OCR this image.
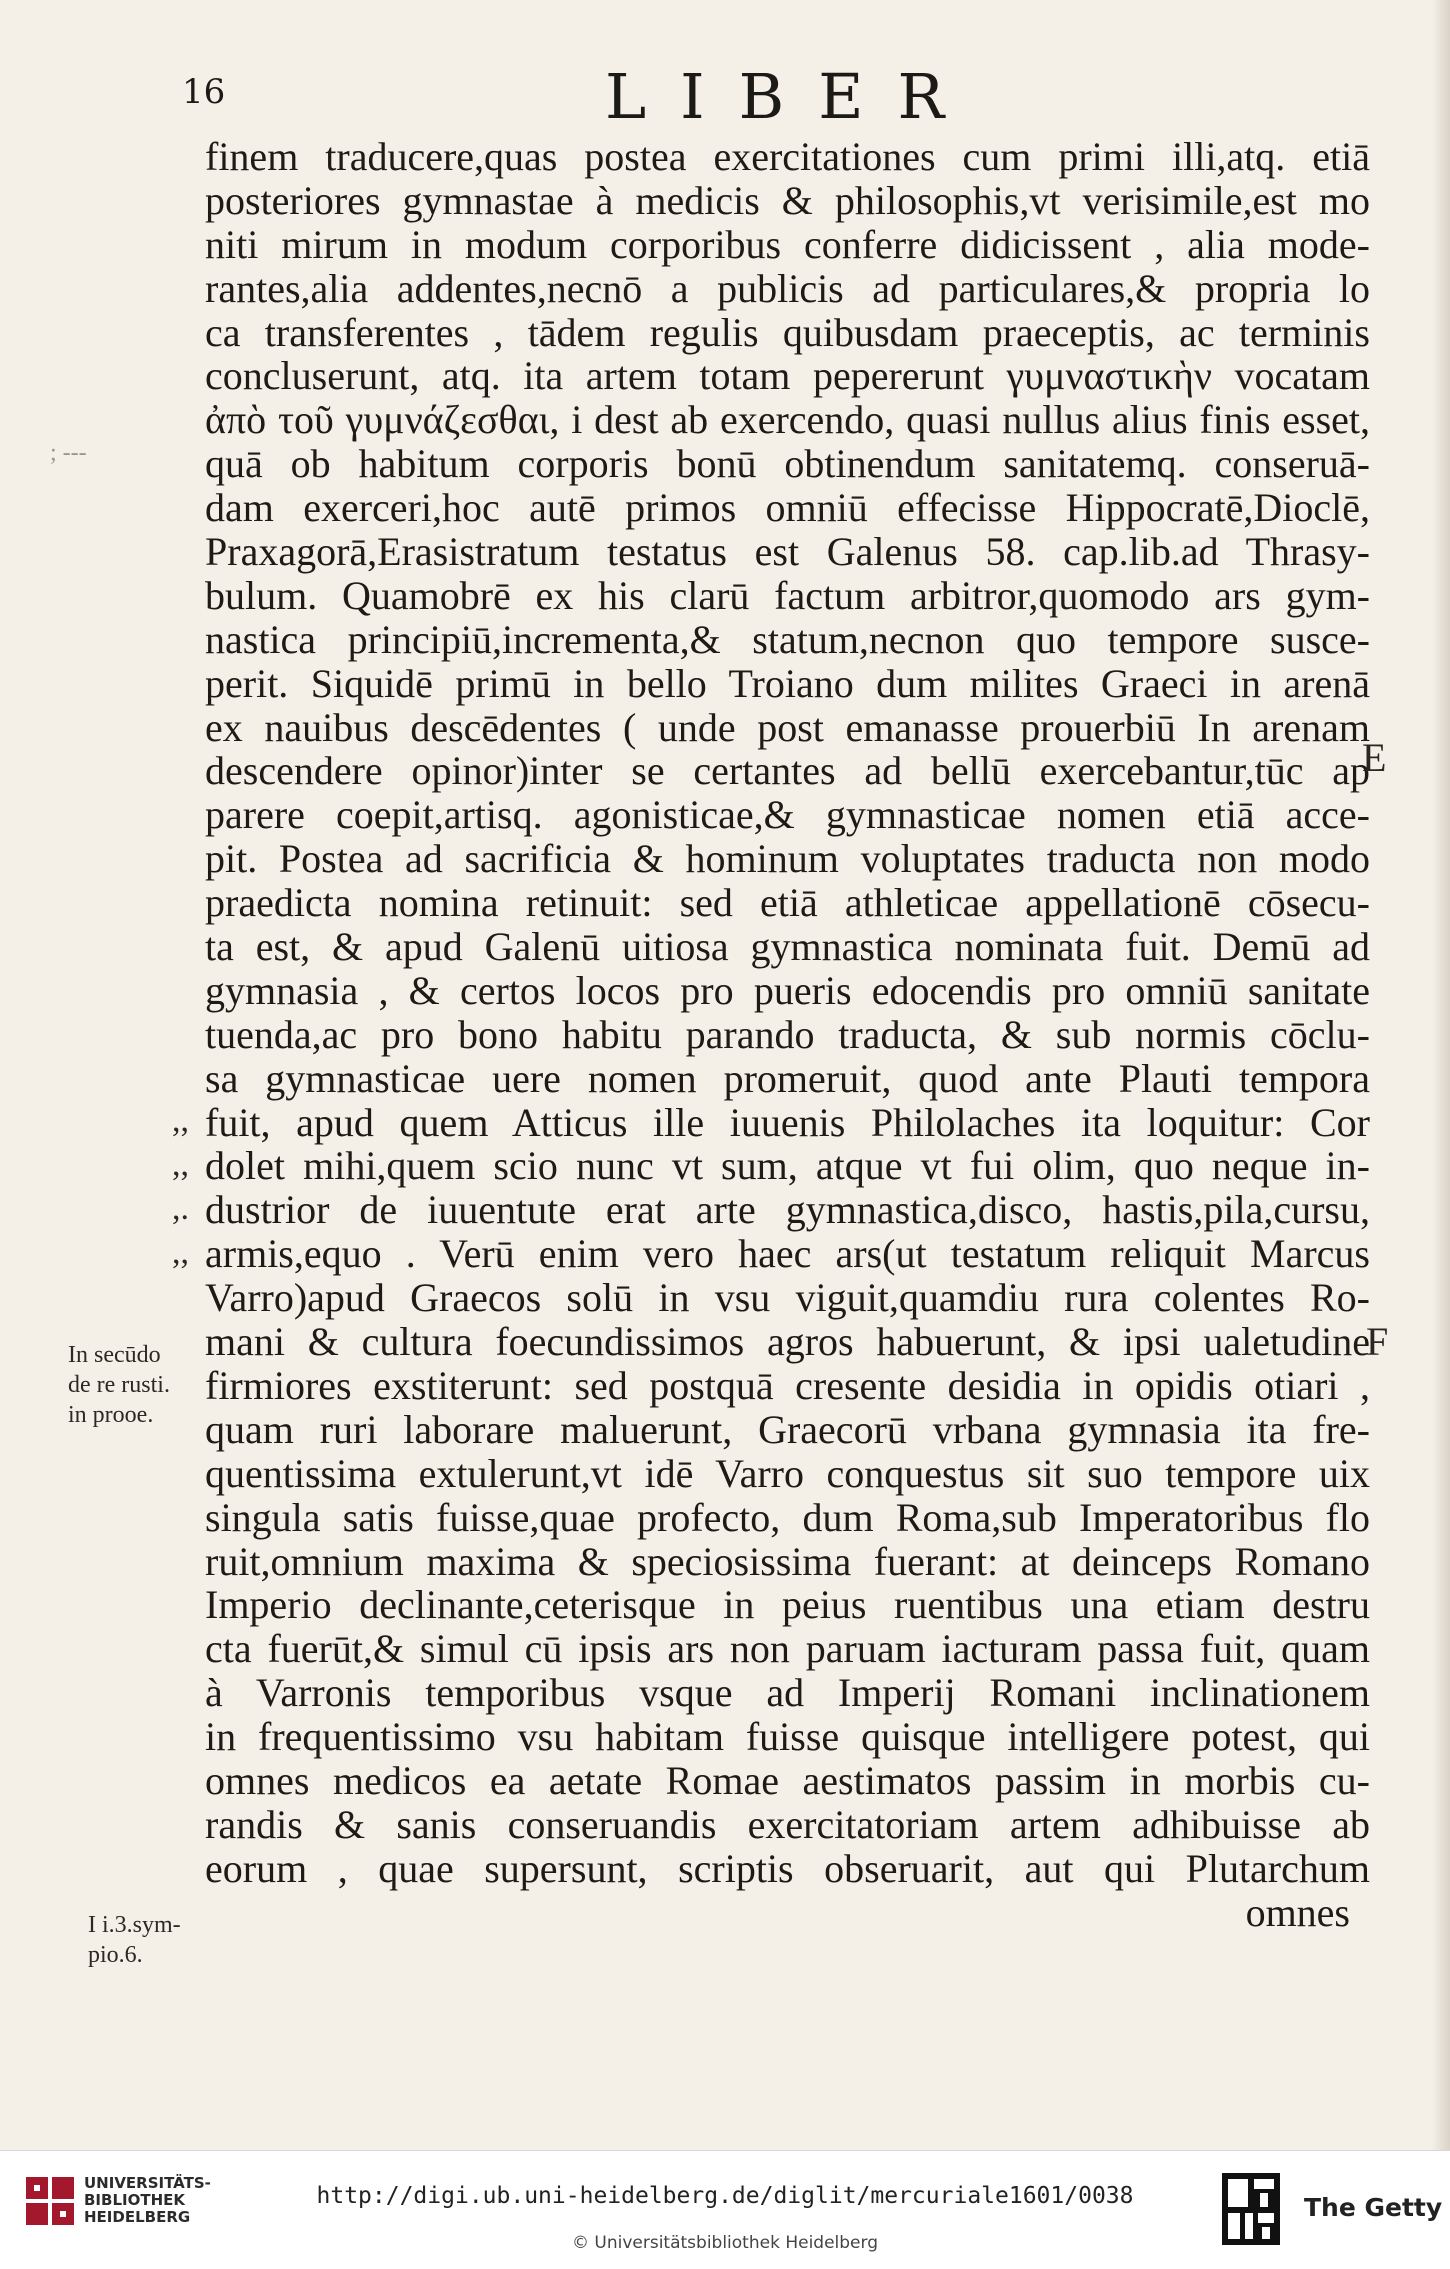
16	LIBER
; ---
finem traducere,quas postea exercitationes cum primi illi,atq. etiā
posteriores gymnastae à medicis & philosophis,vt verisimile,est mo
niti mirum in modum corporibus conferre didicissent , alia mode-
rantes,alia addentes,necnō a publicis ad particulares,& propria lo
ca transferentes , tādem regulis quibusdam praeceptis, ac terminis
concluserunt, atq. ita artem totam pepererunt γυμναστικὴν vocatam
ἀπὸ τοῦ γυμνάζεσθαι, i dest ab exercendo, quasi nullus alius finis esset,
quā ob habitum corporis bonū obtinendum sanitatemq. conseruā-
dam exerceri,hoc autē primos omniū effecisse Hippocratē,Dioclē,
Praxagorā,Erasistratum testatus est Galenus 58. cap.lib.ad Thrasy-
bulum. Quamobrē ex his clarū factum arbitror,quomodo ars gym-
nastica principiū,incrementa,& statum,necnon quo tempore susce-
perit. Siquidē primū in bello Troiano dum milites Graeci in arenā
ex nauibus descēdentes ( unde post emanasse prouerbiū In arenam
descendere opinor)inter se certantes ad bellū exercebantur,tūc ap
parere coepit,artisq. agonisticae,& gymnasticae nomen etiā acce-
pit. Postea ad sacrificia & hominum voluptates traducta non modo
praedicta nomina retinuit: sed etiā athleticae appellationē cōsecu-
ta est, & apud Galenū uitiosa gymnastica nominata fuit. Demū ad
gymnasia , & certos locos pro pueris edocendis pro omniū sanitate
tuenda,ac pro bono habitu parando traducta, & sub normis cōclu-
sa gymnasticae uere nomen promeruit, quod ante Plauti tempora
fuit, apud quem Atticus ille iuuenis Philolaches ita loquitur: Cor
dolet mihi,quem scio nunc vt sum, atque vt fui olim, quo neque in-
dustrior de iuuentute erat arte gymnastica,disco, hastis,pila,cursu,
armis,equo . Verū enim vero haec ars(ut testatum reliquit Marcus
Varro)apud Graecos solū in vsu viguit,quamdiu rura colentes Ro-
mani & cultura foecundissimos agros habuerunt, & ipsi ualetudine
firmiores exstiterunt: sed postquā cresente desidia in opidis otiari ,
quam ruri laborare maluerunt, Graecorū vrbana gymnasia ita fre-
quentissima extulerunt,vt idē Varro conquestus sit suo tempore uix
singula satis fuisse,quae profecto, dum Roma,sub Imperatoribus flo
ruit,omnium maxima & speciosissima fuerant: at deinceps Romano
Imperio declinante,ceterisque in peius ruentibus una etiam destru
cta fuerūt,& simul cū ipsis ars non paruam iacturam passa fuit, quam
à Varronis temporibus vsque ad Imperij Romani inclinationem
in frequentissimo vsu habitam fuisse quisque intelligere potest, qui
omnes medicos ea aetate Romae aestimatos passim in morbis cu-
randis & sanis conseruandis exercitatoriam artem adhibuisse ab
eorum , quae supersunt, scriptis obseruarit, aut qui Plutarchum
omnes
,,
,,
,.
,,
E
F
In secūdo
de re rusti.
in prooe.
I i.3.sym-
pio.6.
UNIVERSITÄTS-
BIBLIOTHEK
HEIDELBERG
http://digi.ub.uni-heidelberg.de/diglit/mercuriale1601/0038
© Universitätsbibliothek Heidelberg
The Getty
